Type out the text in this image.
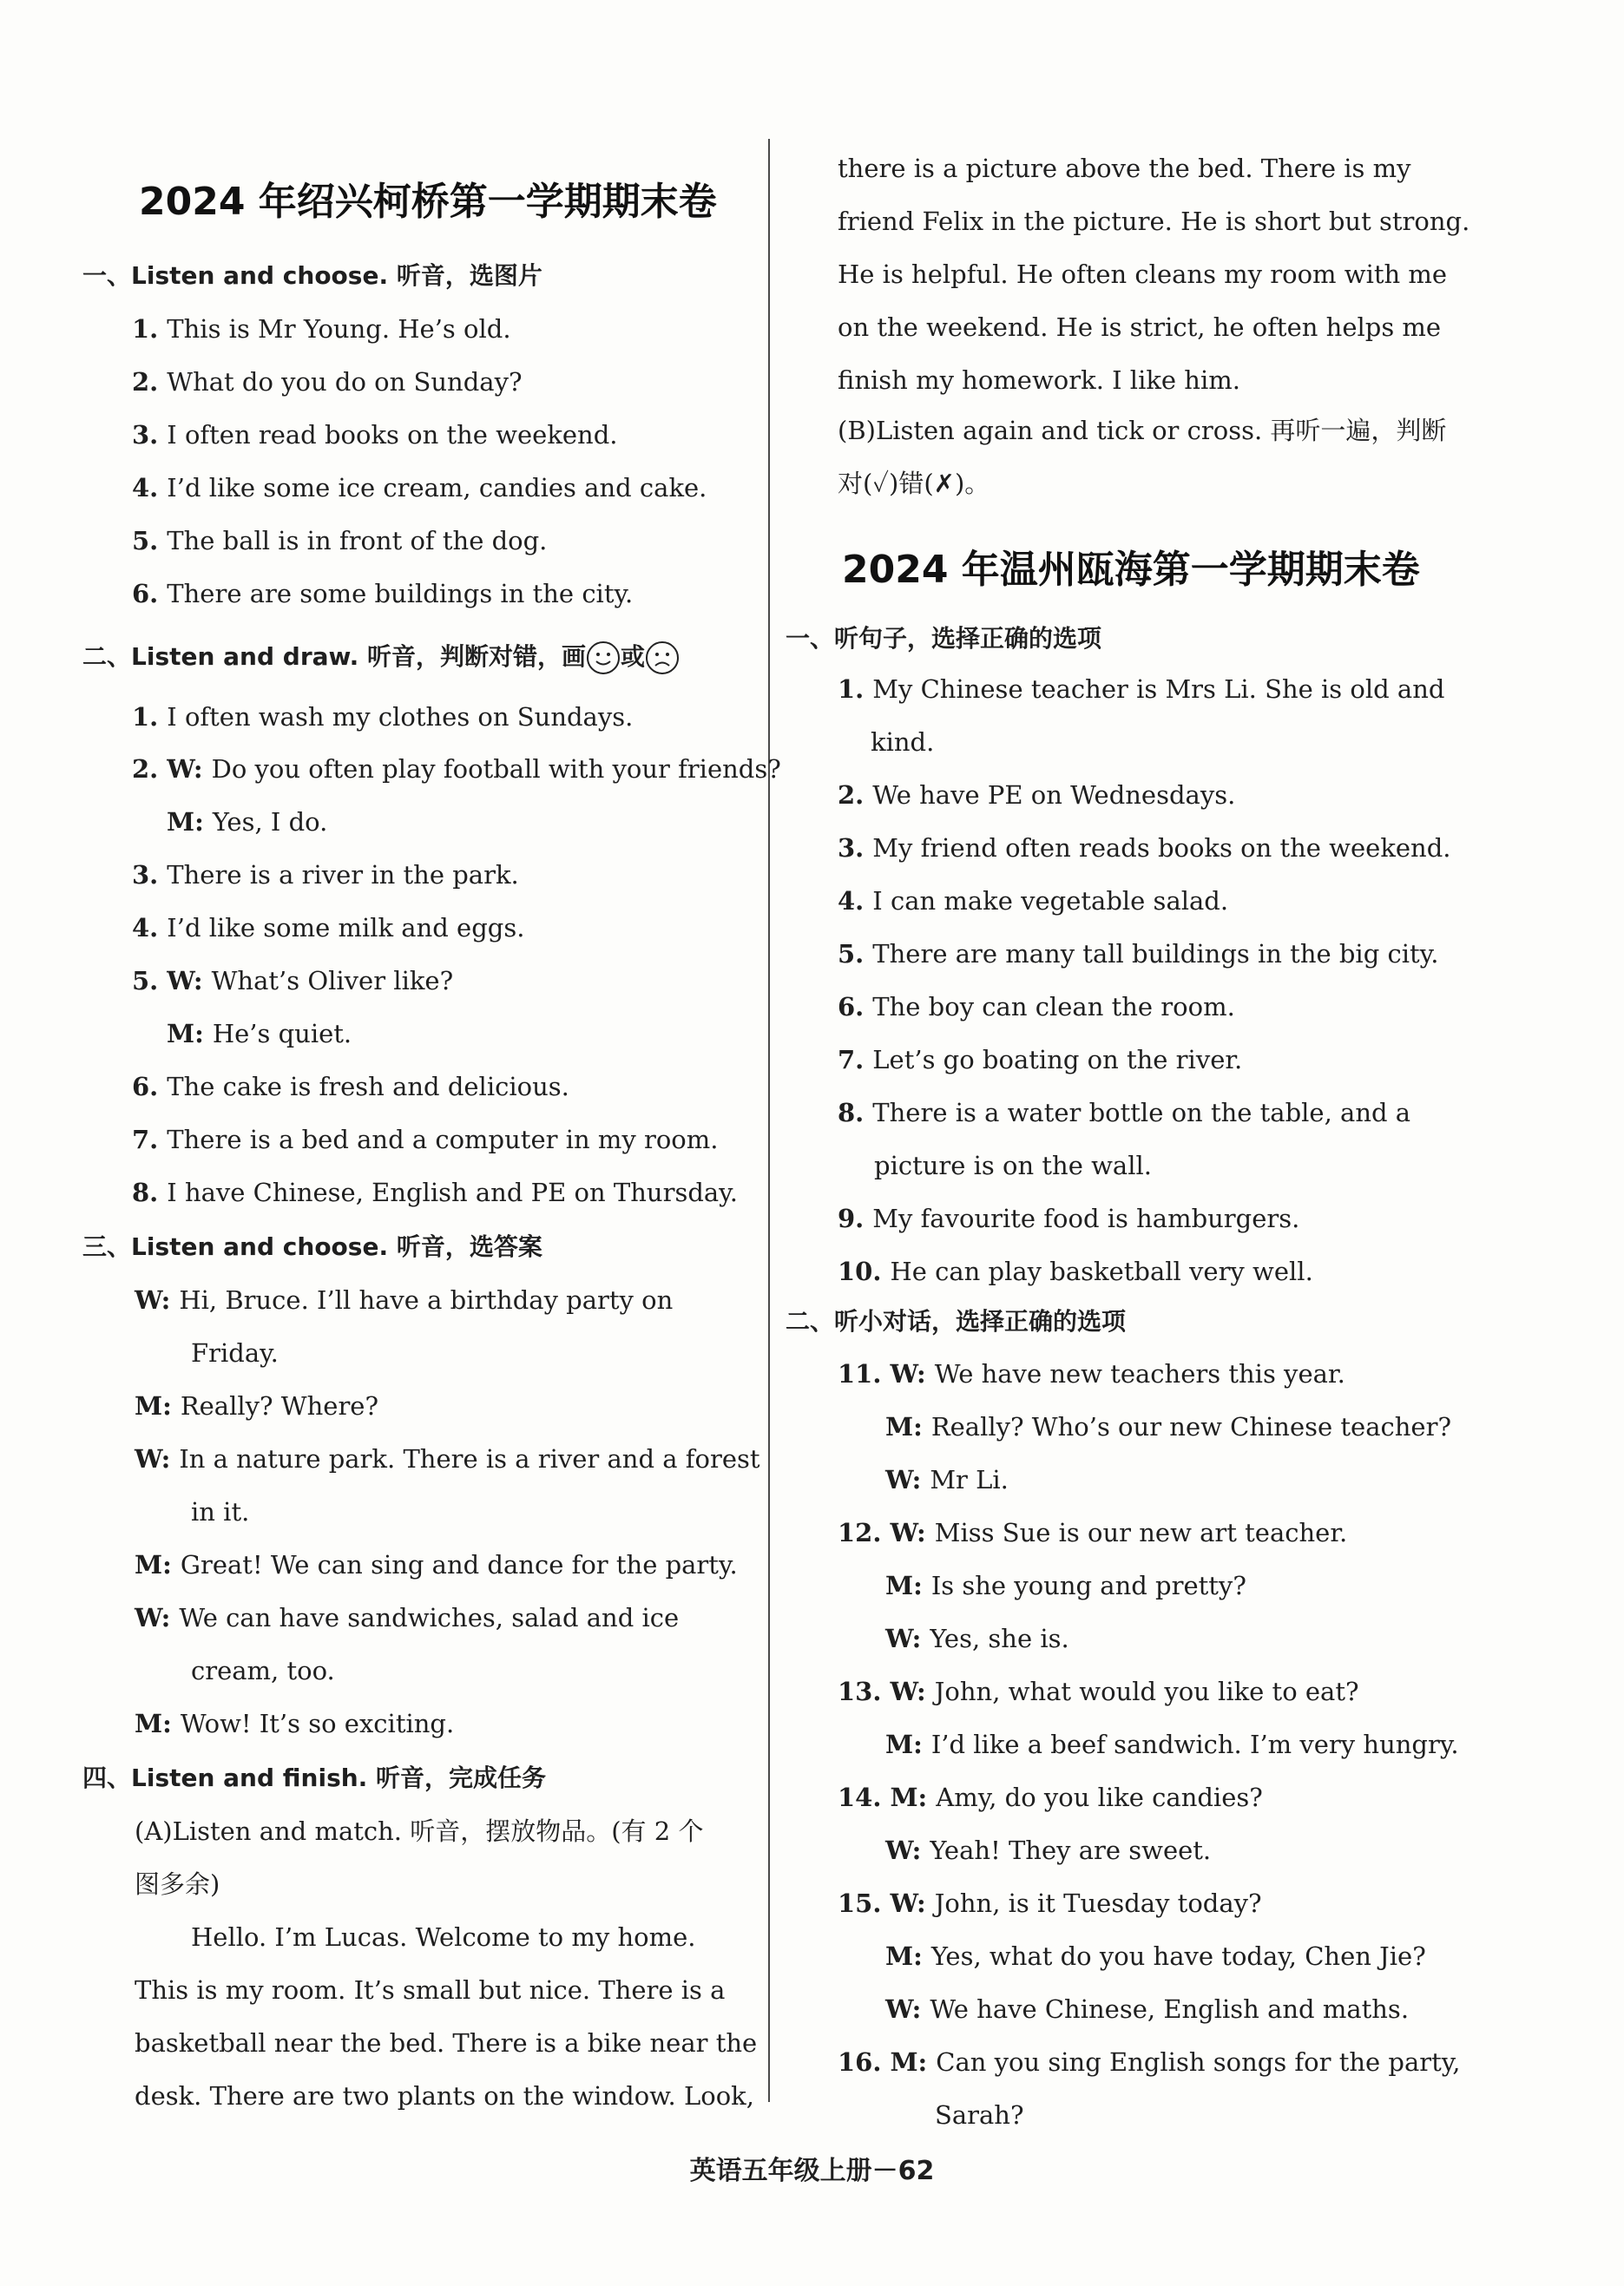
2024 年绍兴柯桥第一学期期末卷
一、Listen and choose. 听音，选图片
1. This is Mr Young. He’s old.
2. What do you do on Sunday?
3. I often read books on the weekend.
4. I’d like some ice cream, candies and cake.
5. The ball is in front of the dog.
6. There are some buildings in the city.
二、Listen and draw. 听音，判断对错，画 或
1. I often wash my clothes on Sundays.
2. W: Do you often play football with your friends?
M: Yes, I do.
3. There is a river in the park.
4. I’d like some milk and eggs.
5. W: What’s Oliver like?
M: He’s quiet.
6. The cake is fresh and delicious.
7. There is a bed and a computer in my room.
8. I have Chinese, English and PE on Thursday.
三、Listen and choose. 听音，选答案
W: Hi, Bruce. I’ll have a birthday party on
Friday.
M: Really? Where?
W: In a nature park. There is a river and a forest
in it.
M: Great! We can sing and dance for the party.
W: We can have sandwiches, salad and ice
cream, too.
M: Wow! It’s so exciting.
四、Listen and finish. 听音，完成任务
(A)Listen and match. 听音，摆放物品。(有 2 个
图多余)
Hello. I’m Lucas. Welcome to my home.
This is my room. It’s small but nice. There is a
basketball near the bed. There is a bike near the
desk. There are two plants on the window. Look,
there is a picture above the bed. There is my
friend Felix in the picture. He is short but strong.
He is helpful. He often cleans my room with me
on the weekend. He is strict, he often helps me
finish my homework. I like him.
(B)Listen again and tick or cross. 再听一遍，判断
对(✓)错(✗)。
2024 年温州瓯海第一学期期末卷
一、听句子，选择正确的选项
1. My Chinese teacher is Mrs Li. She is old and
kind.
2. We have PE on Wednesdays.
3. My friend often reads books on the weekend.
4. I can make vegetable salad.
5. There are many tall buildings in the big city.
6. The boy can clean the room.
7. Let’s go boating on the river.
8. There is a water bottle on the table, and a
picture is on the wall.
9. My favourite food is hamburgers.
10. He can play basketball very well.
二、听小对话，选择正确的选项
11. W: We have new teachers this year.
M: Really? Who’s our new Chinese teacher?
W: Mr Li.
12. W: Miss Sue is our new art teacher.
M: Is she young and pretty?
W: Yes, she is.
13. W: John, what would you like to eat?
M: I’d like a beef sandwich. I’m very hungry.
14. M: Amy, do you like candies?
W: Yeah! They are sweet.
15. W: John, is it Tuesday today?
M: Yes, what do you have today, Chen Jie?
W: We have Chinese, English and maths.
16. M: Can you sing English songs for the party,
Sarah?
英语五年级上册－62
